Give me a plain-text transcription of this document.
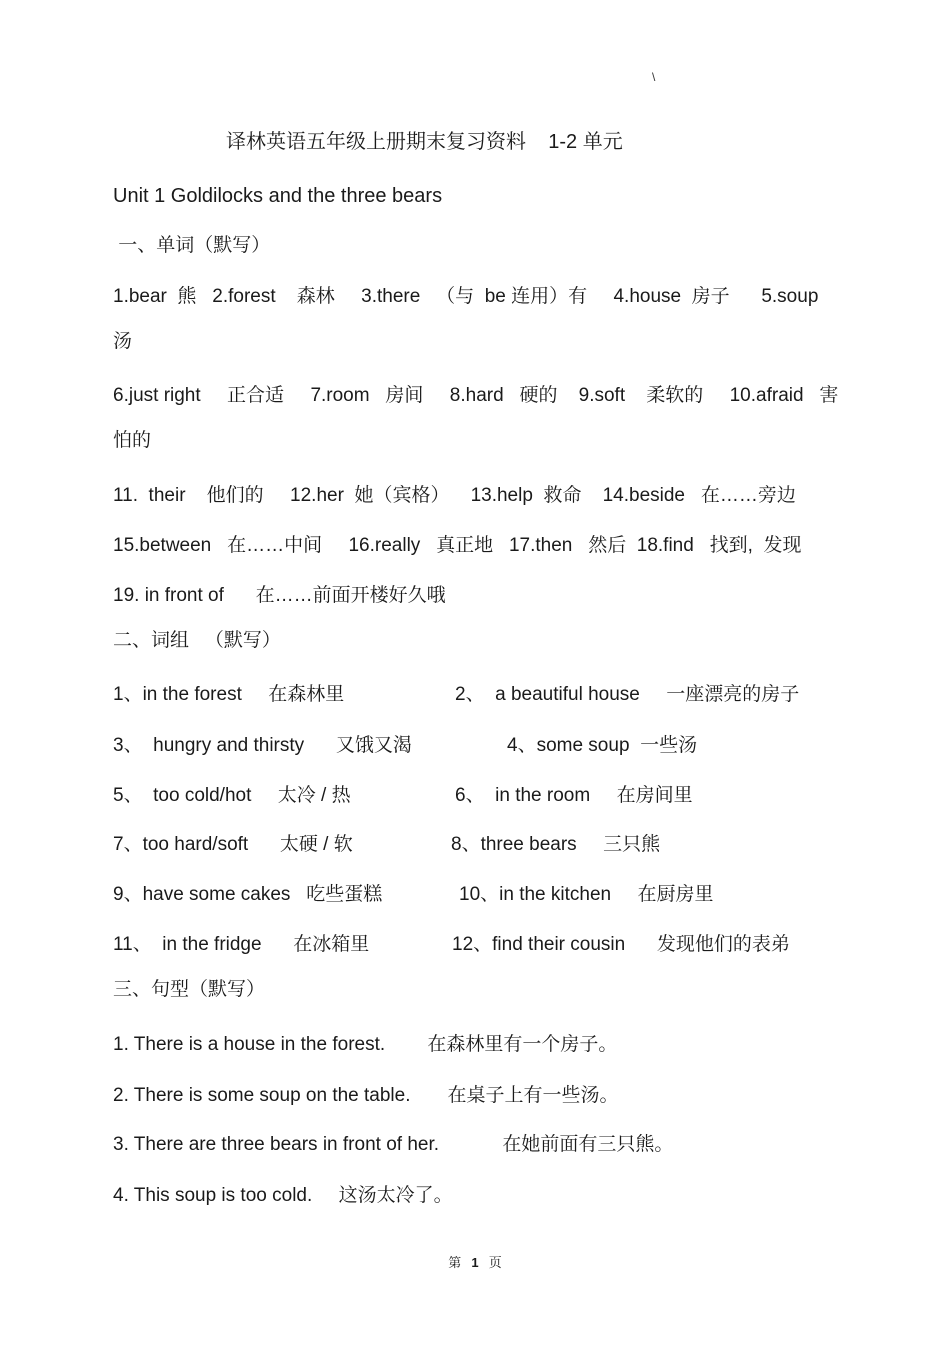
\
译林英语五年级上册期末复习资料    1-2 单元
Unit 1 Goldilocks and the three bears
一、单词（默写）
1.bear  熊   2.forest    森林     3.there   （与  be 连用）有     4.house  房子      5.soup
汤
6.just right     正合适     7.room   房间     8.hard   硬的    9.soft    柔软的     10.afraid   害
怕的
11.  their    他们的     12.her  她（宾格）    13.help  救命    14.beside   在……旁边
15.between   在……中间     16.really   真正地   17.then   然后  18.find   找到,  发现
19. in front of      在……前面开楼好久哦
二、词组   （默写）
1、in the forest     在森林里	2、  a beautiful house     一座漂亮的房子
3、  hungry and thirsty      又饿又渴	4、some soup  一些汤
5、  too cold/hot     太冷 / 热	6、  in the room     在房间里
7、too hard/soft      太硬 / 软	8、three bears     三只熊
9、have some cakes   吃些蛋糕	10、in the kitchen     在厨房里
11、  in the fridge      在冰箱里	12、find their cousin      发现他们的表弟
三、句型（默写）
1. There is a house in the forest.        在森林里有一个房子。
2. There is some soup on the table.       在桌子上有一些汤。
3. There are three bears in front of her.            在她前面有三只熊。
4. This soup is too cold.     这汤太冷了。
第 1 页
